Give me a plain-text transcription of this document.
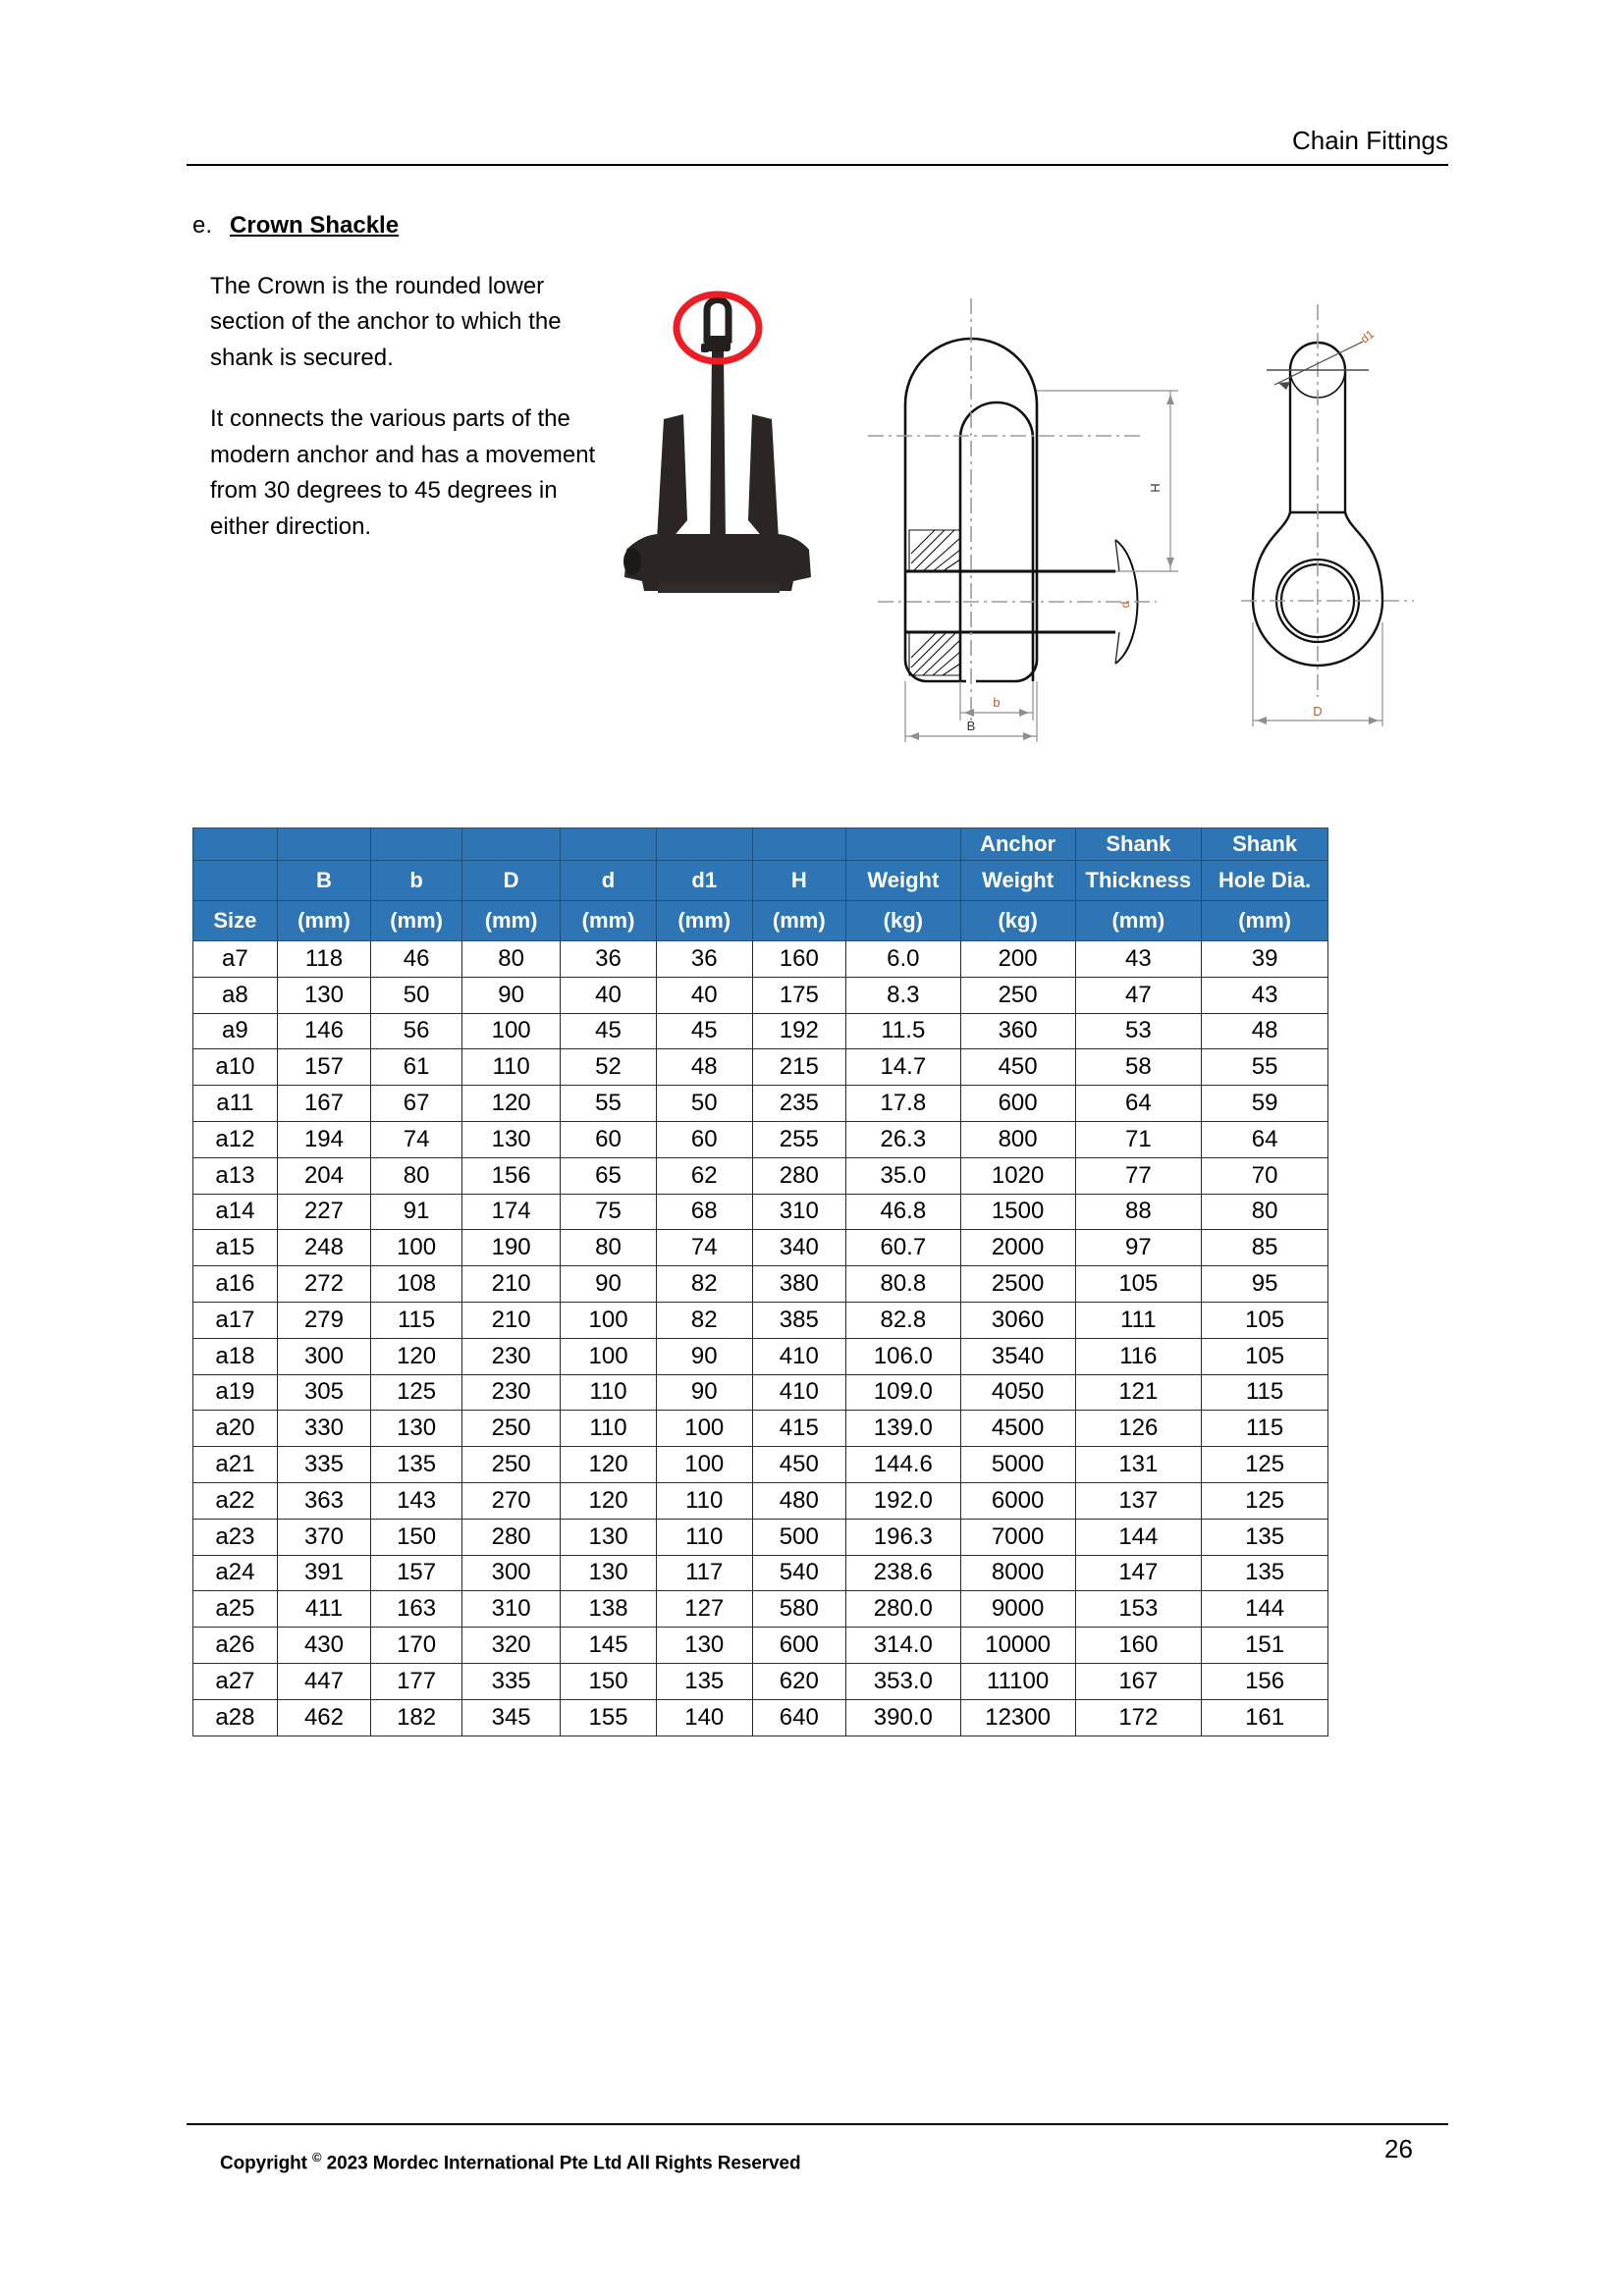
Chain Fittings
e. Crown Shackle

The Crown is the rounded lower section of the anchor to which the shank is secured.

It connects the various parts of the modern anchor and has a movement from 30 degrees to 45 degrees in either direction.

H
b
B
d
d1
D
								Anchor	Shank	Shank
	B	b	D	d	d1	H	Weight	Weight	Thickness	Hole Dia.
Size	(mm)	(mm)	(mm)	(mm)	(mm)	(mm)	(kg)	(kg)	(mm)	(mm)
a7	118	46	80	36	36	160	6.0	200	43	39
a8	130	50	90	40	40	175	8.3	250	47	43
a9	146	56	100	45	45	192	11.5	360	53	48
a10	157	61	110	52	48	215	14.7	450	58	55
a11	167	67	120	55	50	235	17.8	600	64	59
a12	194	74	130	60	60	255	26.3	800	71	64
a13	204	80	156	65	62	280	35.0	1020	77	70
a14	227	91	174	75	68	310	46.8	1500	88	80
a15	248	100	190	80	74	340	60.7	2000	97	85
a16	272	108	210	90	82	380	80.8	2500	105	95
a17	279	115	210	100	82	385	82.8	3060	111	105
a18	300	120	230	100	90	410	106.0	3540	116	105
a19	305	125	230	110	90	410	109.0	4050	121	115
a20	330	130	250	110	100	415	139.0	4500	126	115
a21	335	135	250	120	100	450	144.6	5000	131	125
a22	363	143	270	120	110	480	192.0	6000	137	125
a23	370	150	280	130	110	500	196.3	7000	144	135
a24	391	157	300	130	117	540	238.6	8000	147	135
a25	411	163	310	138	127	580	280.0	9000	153	144
a26	430	170	320	145	130	600	314.0	10000	160	151
a27	447	177	335	150	135	620	353.0	11100	167	156
a28	462	182	345	155	140	640	390.0	12300	172	161
Copyright © 2023 Mordec International Pte Ltd All Rights Reserved	26
